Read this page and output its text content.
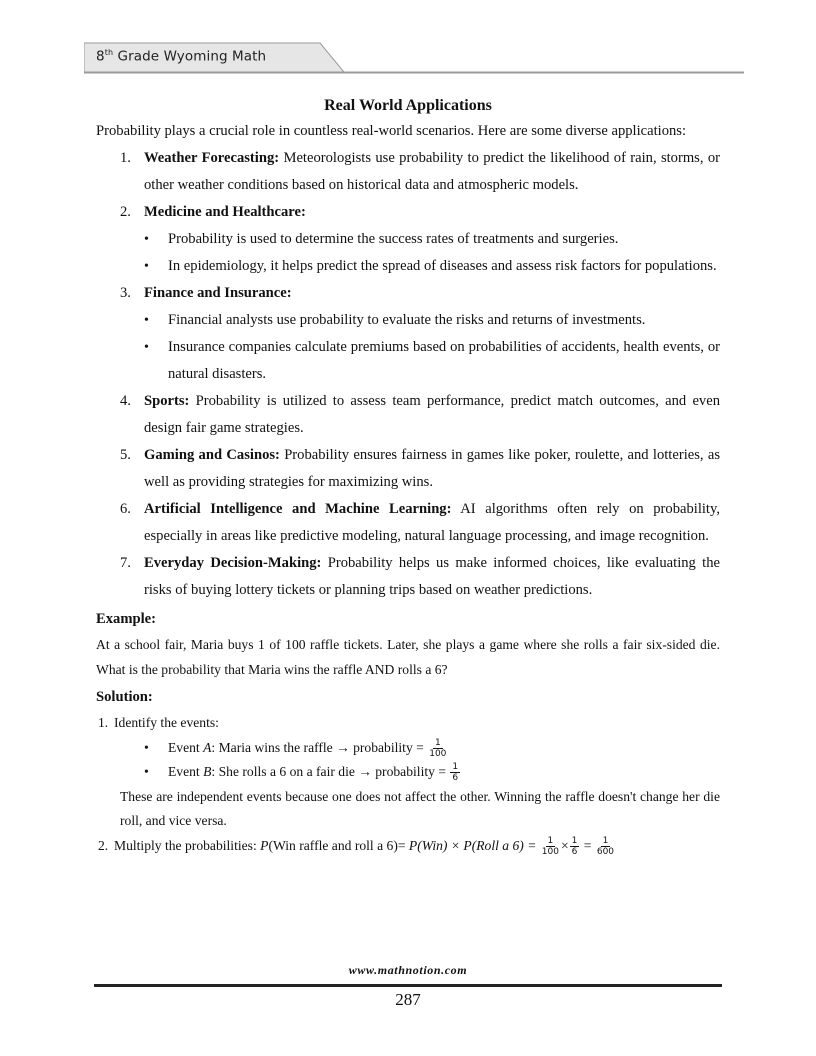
8th Grade Wyoming Math
Real World Applications

Probability plays a crucial role in countless real-world scenarios. Here are some diverse applications:

1. Weather Forecasting: Meteorologists use probability to predict the likelihood of rain, storms, or other weather conditions based on historical data and atmospheric models.
2. Medicine and Healthcare:
• Probability is used to determine the success rates of treatments and surgeries.
• In epidemiology, it helps predict the spread of diseases and assess risk factors for populations.
3. Finance and Insurance:
• Financial analysts use probability to evaluate the risks and returns of investments.
• Insurance companies calculate premiums based on probabilities of accidents, health events, or natural disasters.
4. Sports: Probability is utilized to assess team performance, predict match outcomes, and even design fair game strategies.
5. Gaming and Casinos: Probability ensures fairness in games like poker, roulette, and lotteries, as well as providing strategies for maximizing wins.
6. Artificial Intelligence and Machine Learning: AI algorithms often rely on probability, especially in areas like predictive modeling, natural language processing, and image recognition.
7. Everyday Decision-Making: Probability helps us make informed choices, like evaluating the risks of buying lottery tickets or planning trips based on weather predictions.
Example:

At a school fair, Maria buys 1 of 100 raffle tickets. Later, she plays a game where she rolls a fair six-sided die. What is the probability that Maria wins the raffle AND rolls a 6?

Solution:
1. Identify the events:
• Event A: Maria wins the raffle → probability = $\frac{1}{100}$
• Event B: She rolls a 6 on a fair die → probability = $\frac{1}{6}$
These are independent events because one does not affect the other. Winning the raffle doesn't change her die roll, and vice versa.
2. Multiply the probabilities: P(Win raffle and roll a 6)= P(Win) × P(Roll a $6) = \frac{1}{100} \times \frac{1}{6} = \frac{1}{600}$
www.mathnotion.com
287
